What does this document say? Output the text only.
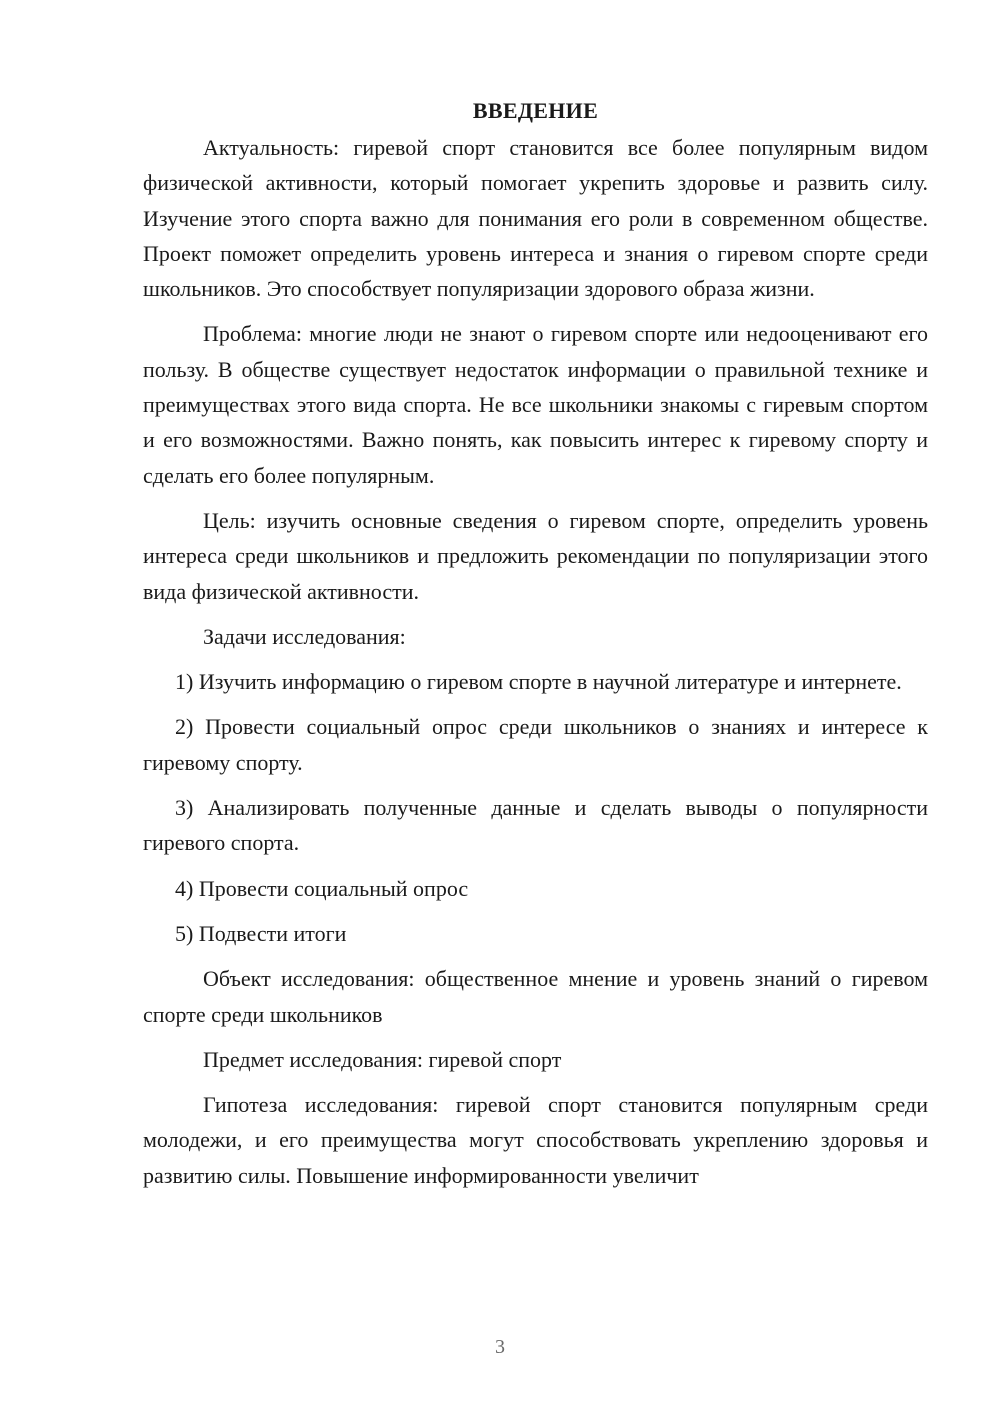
ВВЕДЕНИЕ

Актуальность: гиревой спорт становится все более популярным видом физической активности, который помогает укрепить здоровье и развить силу. Изучение этого спорта важно для понимания его роли в современном обществе. Проект поможет определить уровень интереса и знания о гиревом спорте среди школьников. Это способствует популяризации здорового образа жизни.

Проблема: многие люди не знают о гиревом спорте или недооценивают его пользу. В обществе существует недостаток информации о правильной технике и преимуществах этого вида спорта. Не все школьники знакомы с гиревым спортом и его возможностями. Важно понять, как повысить интерес к гиревому спорту и сделать его более популярным.

Цель: изучить основные сведения о гиревом спорте, определить уровень интереса среди школьников и предложить рекомендации по популяризации этого вида физической активности.

Задачи исследования:

1) Изучить информацию о гиревом спорте в научной литературе и интернете.

2) Провести социальный опрос среди школьников о знаниях и интересе к гиревому спорту.

3) Анализировать полученные данные и сделать выводы о популярности гиревого спорта.

4) Провести социальный опрос

5) Подвести итоги

Объект исследования: общественное мнение и уровень знаний о гиревом спорте среди школьников

Предмет исследования: гиревой спорт

Гипотеза исследования: гиревой спорт становится популярным среди молодежи, и его преимущества могут способствовать укреплению здоровья и развитию силы. Повышение информированности увеличит

3
